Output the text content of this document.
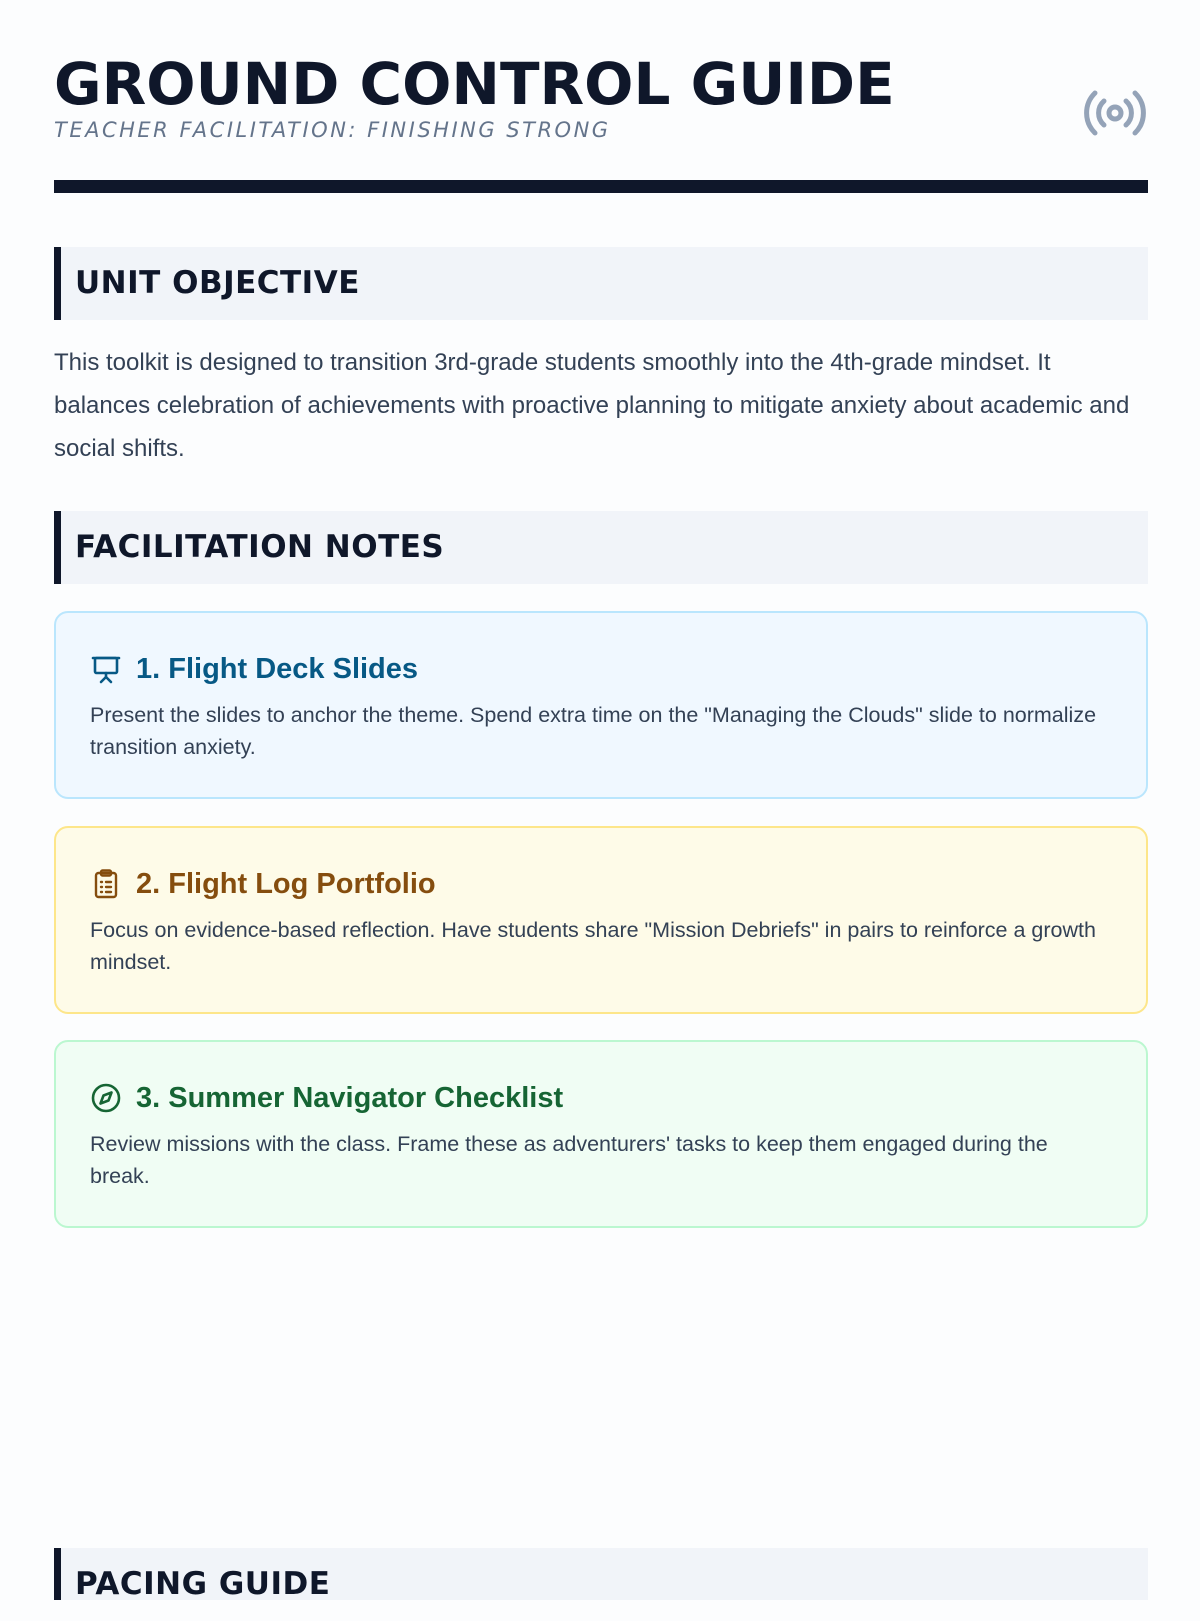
GROUND CONTROL GUIDE
TEACHER FACILITATION: FINISHING STRONG
UNIT OBJECTIVE

This toolkit is designed to transition 3rd-grade students smoothly into the 4th-grade mindset. It balances celebration of achievements with proactive planning to mitigate anxiety about academic and social shifts.

FACILITATION NOTES
1. Flight Deck Slides
Present the slides to anchor the theme. Spend extra time on the "Managing the Clouds" slide to normalize transition anxiety.
2. Flight Log Portfolio
Focus on evidence-based reflection. Have students share "Mission Debriefs" in pairs to reinforce a growth mindset.
3. Summer Navigator Checklist
Review missions with the class. Frame these as adventurers' tasks to keep them engaged during the break.
PACING GUIDE
